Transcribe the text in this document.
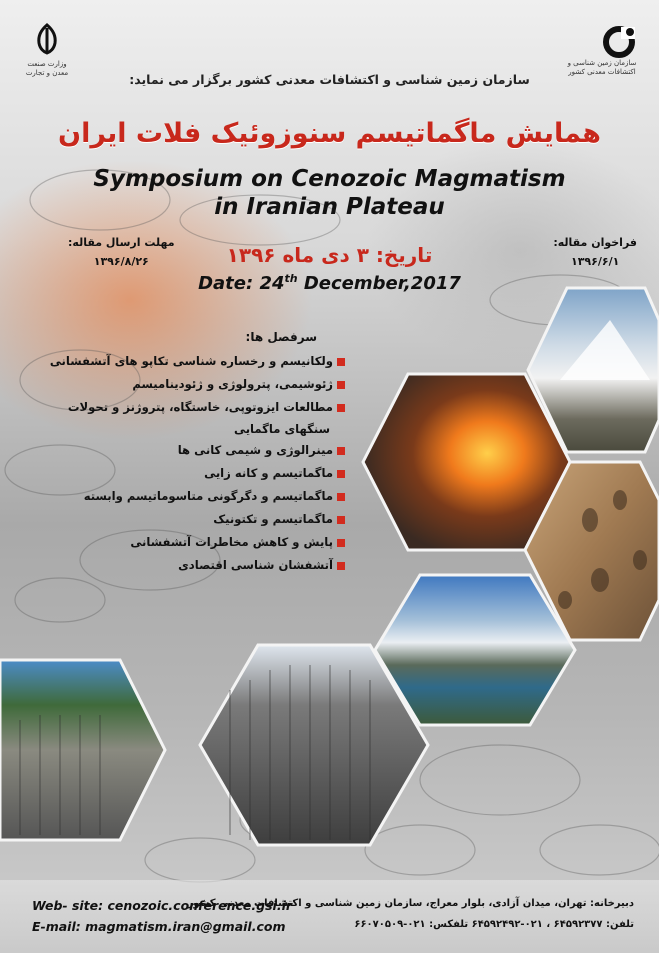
وزارت صنعت
معدن و تجارت
سازمان زمین شناسی و
اکتشافات معدنی کشور
سازمان زمین شناسی و اکتشافات معدنی کشور برگزار می نماید:
همایش ماگماتیسم سنوزوئیک فلات ایران
Symposium on Cenozoic Magmatism
in Iranian Plateau
مهلت ارسال مقاله:
۱۳۹۶/۸/۲۶
فراخوان مقاله:
۱۳۹۶/۶/۱
تاریخ: ۳ دی ماه ۱۳۹۶
Date: 24th December,2017
سرفصل ها:
ولکانیسم و رخساره شناسی تکاپو های آتشفشانی
ژئوشیمی، پترولوژی و ژئودینامیسم
مطالعات ایزوتوپی، خاستگاه، پتروژنز و تحولات
سنگهای ماگمایی
مینرالوژی و شیمی کانی ها
ماگماتیسم و کانه زایی
ماگماتیسم و دگرگونی متاسوماتیسم وابسته
ماگماتیسم و تکتونیک
پایش و کاهش مخاطرات آتشفشانی
آتشفشان شناسی اقتصادی
Web- site: cenozoic.conference.gsi.ir
E-mail: magmatism.iran@gmail.com
دبیرخانه: تهران، میدان آزادی، بلوار معراج، سازمان زمین شناسی و اکتشافات معدنی کشور
تلفن: ۶۴۵۹۲۳۷۷ ، ۰۲۱-۶۴۵۹۲۴۹۲ تلفکس: ۰۲۱-۶۶۰۷۰۵۰۹
